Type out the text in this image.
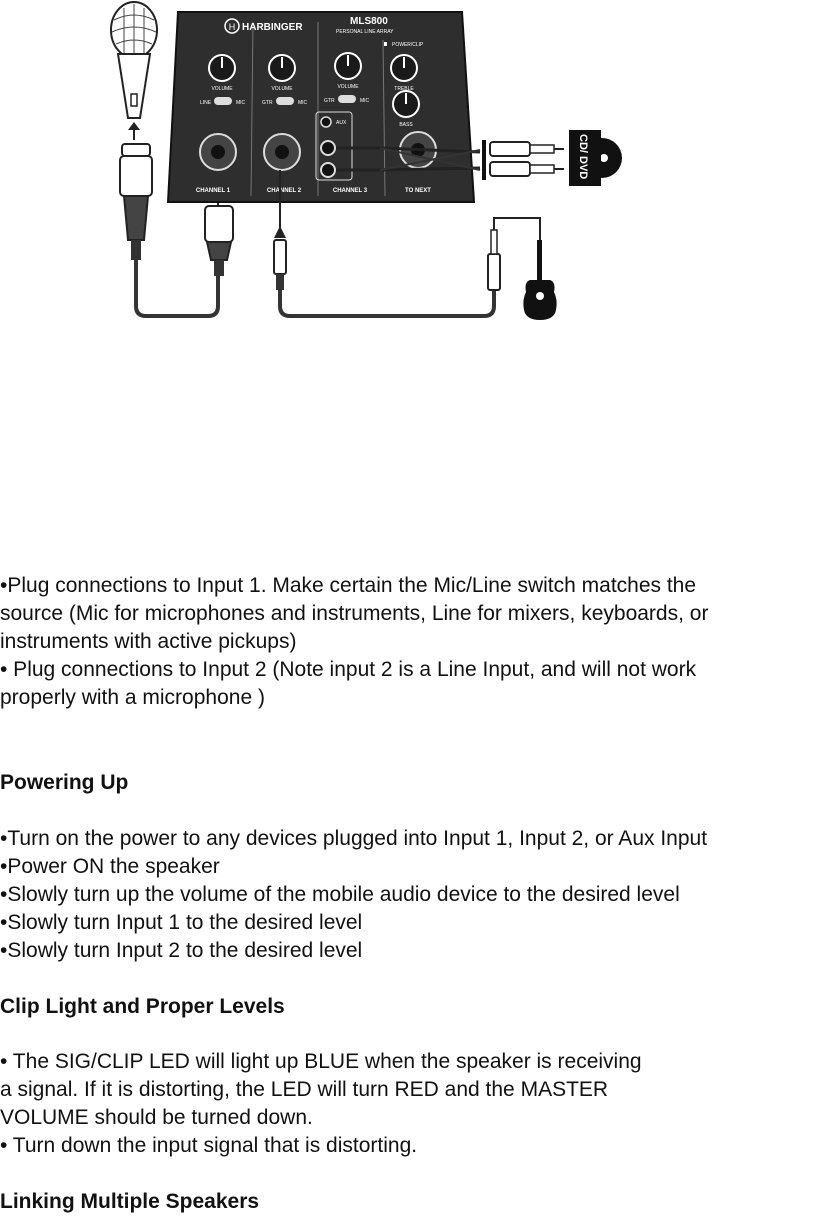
H HARBINGER
MLS800
PERSONAL LINE ARRAY
POWER/CLIP
VOLUME	VOLUME	VOLUME	TREBLE
BASS
LINE	MIC	GTR	MIC	GTR	MIC
AUX
CHANNEL 1	CHANNEL 2	CHANNEL 3	TO NEXT
CD/
DVD

•Plug connections to Input 1. Make certain the Mic/Line switch matches the

source (Mic for microphones and instruments, Line for mixers, keyboards, or

instruments with active pickups)

• Plug connections to Input 2 (Note input 2 is a Line Input, and will not work

properly with a microphone )

Powering Up

•Turn on the power to any devices plugged into Input 1, Input 2, or Aux Input

•Power ON the speaker

•Slowly turn up the volume of the mobile audio device to the desired level

•Slowly turn Input 1 to the desired level

•Slowly turn Input 2 to the desired level

Clip Light and Proper Levels

• The SIG/CLIP LED will light up BLUE when the speaker is receiving

a signal. If it is distorting, the LED will turn RED and the MASTER

VOLUME should be turned down.

• Turn down the input signal that is distorting.

Linking Multiple Speakers
